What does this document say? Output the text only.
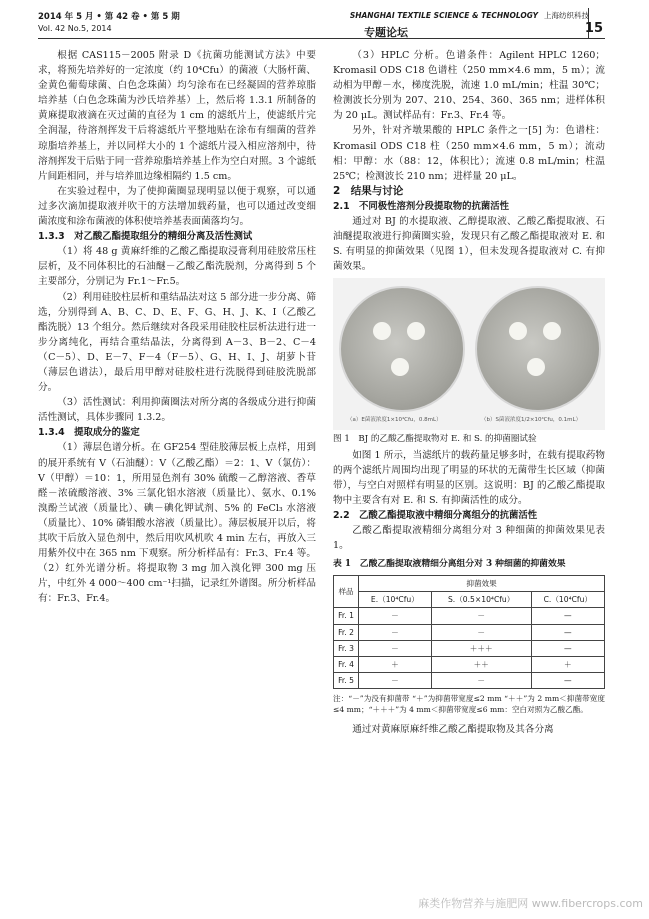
2014 年 5 月 • 第 42 卷 • 第 5 期
Vol. 42 No.5, 2014
SHANGHAI TEXTILE SCIENCE & TECHNOLOGY 上海纺织科技
专题论坛	15

根据 CAS115－2005 附录 D《抗菌功能测试方法》中要求，将预先培养好的一定浓度（约 10⁴Cfu）的菌液（大肠杆菌、金黄色葡萄球菌、白色念珠菌）均匀涂布在已经凝固的营养琼脂培养基（白色念珠菌为沙氏培养基）上，然后将 1.3.1 所制备的黄麻提取液滴在灭过菌的直径为 1 cm 的滤纸片上，使滤纸片完全润湿，待溶剂挥发干后将滤纸片平整地贴在涂布有细菌的营养琼脂培养基上，并以同样大小的 1 个滤纸片浸入相应溶剂中，待溶剂挥发干后贴于同一营养琼脂培养基上作为空白对照。3 个滤纸片间距相同，并与培养皿边缘相隔约 1.5 cm。

在实验过程中，为了使抑菌圈显现明显以便于观察，可以通过多次滴加提取液并吹干的方法增加载药量，也可以通过改变细菌浓度和涂布菌液的体积使培养基表面菌落均匀。

1.3.3　对乙酸乙酯提取组分的精细分离及活性测试

（1）将 48 g 黄麻纤维的乙酸乙酯提取浸膏利用硅胶常压柱层析，及不同体积比的石油醚－乙酸乙酯洗脱剂，分离得到 5 个主要部分，分别记为 Fr.1～Fr.5。

（2）利用硅胶柱层析和重结晶法对这 5 部分进一步分离、筛选，分别得到 A、B、C、D、E、F、G、H、J、K、I（乙酸乙酯洗脱）13 个组分。然后继续对各段采用硅胶柱层析法进行进一步分离纯化，再结合重结晶法，分离得到 A－3、B－2、C－4（C－5）、D、E－7、F－4（F－5）、G、H、I、J、胡萝卜苷（薄层色谱法），最后用甲醇对硅胶柱进行洗脱得到硅胶洗脱部分。

（3）活性测试：利用抑菌圈法对所分离的各级成分进行抑菌活性测试，具体步骤同 1.3.2。

1.3.4　提取成分的鉴定

（1）薄层色谱分析。在 GF254 型硅胶薄层板上点样，用到的展开系统有 V（石油醚）：V（乙酸乙酯）＝2：1、V（氯仿）：V（甲醇）＝10：1，所用显色剂有 30% 硫酸－乙醇溶液、香草醛－浓硫酸溶液、3% 三氯化铝水溶液（质量比）、氨水、0.1% 溴酚兰试液（质量比）、碘－碘化钾试剂、5% 的 FeCl₃ 水溶液（质量比）、10% 磷钼酸水溶液（质量比）。薄层板展开以后，将其吹干后放入显色剂中，然后用吹风机吹 4 min 左右，再放入三用紫外仪中在 365 nm 下观察。所分析样品有：Fr.3、Fr.4 等。（2）红外光谱分析。将提取物 3 mg 加入溴化钾 300 mg 压片，中红外 4 000～400 cm⁻¹扫描，记录红外谱图。所分析样品有：Fr.3、Fr.4。

（3）HPLC 分析。色谱条件：Agilent HPLC 1260；Kromasil ODS C18 色谱柱（250 mm×4.6 mm，5 m）；流动相为甲醇－水，梯度洗脱，流速 1.0 mL/min；柱温 30℃；检测波长分别为 207、210、254、360、365 nm；进样体积为 20 μL。测试样品有：Fr.3、Fr.4 等。

另外，针对齐墩果酸的 HPLC 条件之一[5] 为：色谱柱：Kromasil ODS C18 柱（250 mm×4.6 mm，5 m）；流动相：甲醇：水（88：12，体积比）；流速 0.8 mL/min；柱温 25℃；检测波长 210 nm；进样量 20 μL。

2　结果与讨论

2.1　不同极性溶剂分段提取物的抗菌活性

通过对 BJ 的水提取液、乙醇提取液、乙酸乙酯提取液、石油醚提取液进行抑菌圈实验，发现只有乙酸乙酯提取液对 E. 和 S. 有明显的抑菌效果（见图 1），但未发现各提取液对 C. 有抑菌效果。

（a）E菌液浓度1×10⁴Cfu，0.8mL）	（b）S菌液浓度1/2×10⁴Cfu，0.1mL）

图 1　BJ 的乙酸乙酯提取物对 E. 和 S. 的抑菌圈试验

如图 1 所示，当滤纸片的载药量足够多时，在载有提取药物的两个滤纸片周围均出现了明显的环状的无菌带生长区域（抑菌带），与空白对照样有明显的区别。这说明：BJ 的乙酸乙酯提取物中主要含有对 E. 和 S. 有抑菌活性的成分。

2.2　乙酸乙酯提取液中精细分离组分的抗菌活性

乙酸乙酯提取液精细分离组分对 3 种细菌的抑菌效果见表 1。

表 1　乙酸乙酯提取液精细分离组分对 3 种细菌的抑菌效果

样品	抑菌效果		
	E.（10⁴Cfu）	S.（0.5×10⁴Cfu）	C.（10⁴Cfu）
Fr. 1	－	－	—
Fr. 2	－	－	—
Fr. 3	－	＋＋＋	—
Fr. 4	＋	＋＋	＋
Fr. 5	－	－	—

注：“－”为没有抑菌带 “＋”为抑菌带宽度≤2 mm “＋＋”为 2 mm＜抑菌带宽度≤4 mm；“＋＋＋”为 4 mm＜抑菌带宽度≤6 mm：空白对照为乙酸乙酯。

通过对黄麻原麻纤维乙酸乙酯提取物及其各分离

麻类作物营养与施肥网 www.fibercrops.com
